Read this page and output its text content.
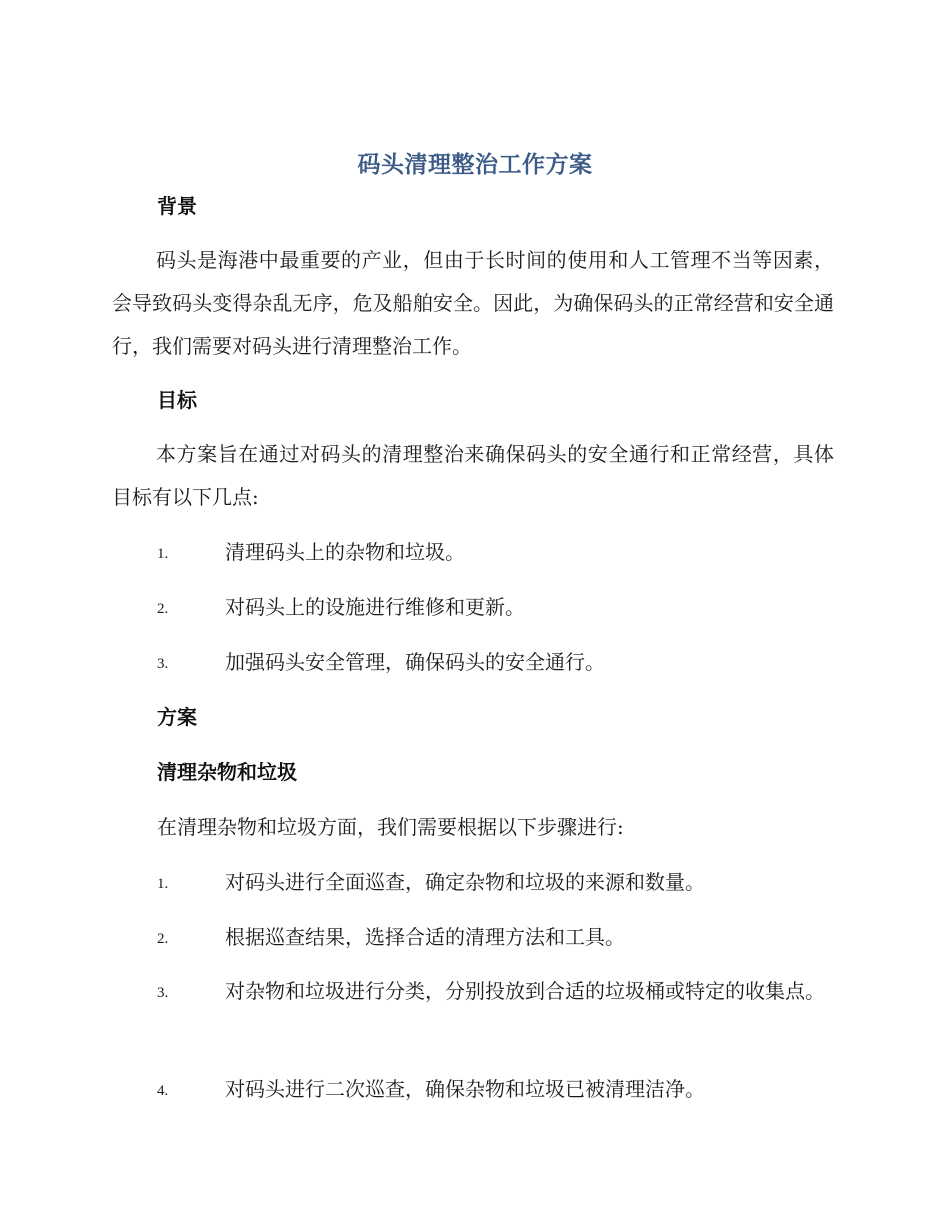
码头清理整治工作方案
背景
码头是海港中最重要的产业，但由于长时间的使用和人工管理不当等因素，会导致码头变得杂乱无序，危及船舶安全。因此，为确保码头的正常经营和安全通行，我们需要对码头进行清理整治工作。
目标
本方案旨在通过对码头的清理整治来确保码头的安全通行和正常经营，具体目标有以下几点:
1.	清理码头上的杂物和垃圾。
2.	对码头上的设施进行维修和更新。
3.	加强码头安全管理，确保码头的安全通行。
方案
清理杂物和垃圾
在清理杂物和垃圾方面，我们需要根据以下步骤进行:
1.	对码头进行全面巡查，确定杂物和垃圾的来源和数量。
2.	根据巡查结果，选择合适的清理方法和工具。
3.	对杂物和垃圾进行分类，分别投放到合适的垃圾桶或特定的收集点。
4.	对码头进行二次巡查，确保杂物和垃圾已被清理洁净。
